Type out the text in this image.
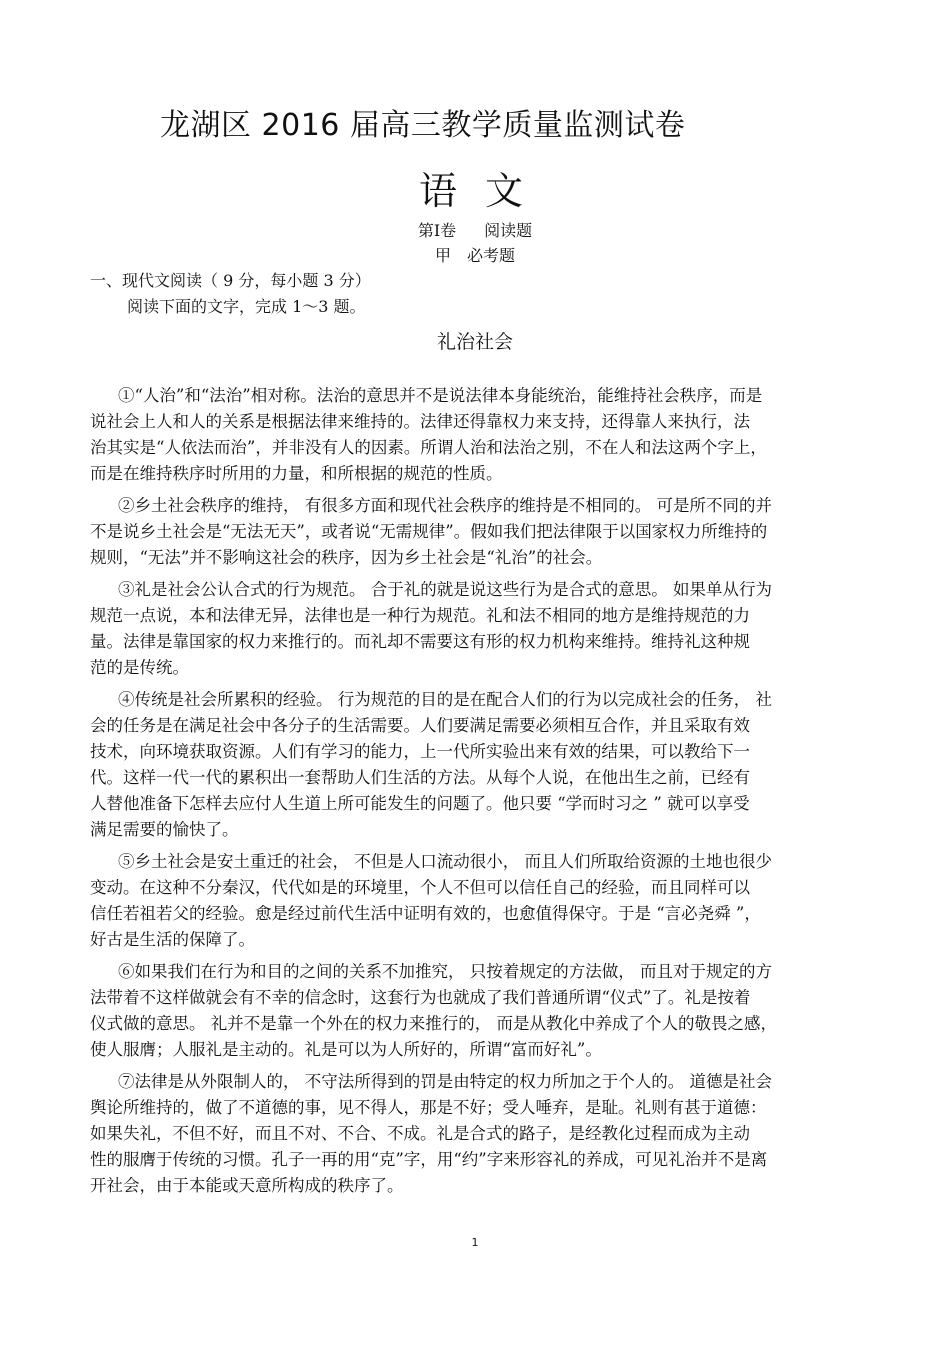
龙湖区 2016 届高三教学质量监测试卷
语 文
第Ⅰ卷 阅读题
甲 必考题
一、现代文阅读（ 9 分，每小题 3 分）
阅读下面的文字，完成 1～3 题。
礼治社会
①“人治”和“法治”相对称。法治的意思并不是说法律本身能统治，能维持社会秩序，而是
说社会上人和人的关系是根据法律来维持的。法律还得靠权力来支持，还得靠人来执行，法
治其实是“人依法而治”，并非没有人的因素。所谓人治和法治之别，不在人和法这两个字上，
而是在维持秩序时所用的力量，和所根据的规范的性质。
②乡土社会秩序的维持， 有很多方面和现代社会秩序的维持是不相同的。 可是所不同的并
不是说乡土社会是“无法无天”，或者说“无需规律”。假如我们把法律限于以国家权力所维持的
规则，“无法”并不影响这社会的秩序，因为乡土社会是“礼治”的社会。
③礼是社会公认合式的行为规范。 合于礼的就是说这些行为是合式的意思。 如果单从行为
规范一点说，本和法律无异，法律也是一种行为规范。礼和法不相同的地方是维持规范的力
量。法律是靠国家的权力来推行的。而礼却不需要这有形的权力机构来维持。维持礼这种规
范的是传统。
④传统是社会所累积的经验。 行为规范的目的是在配合人们的行为以完成社会的任务， 社
会的任务是在满足社会中各分子的生活需要。人们要满足需要必须相互合作，并且采取有效
技术，向环境获取资源。人们有学习的能力，上一代所实验出来有效的结果，可以教给下一
代。这样一代一代的累积出一套帮助人们生活的方法。从每个人说，在他出生之前，已经有
人替他准备下怎样去应付人生道上所可能发生的问题了。他只要 “学而时习之 ” 就可以享受
满足需要的愉快了。
⑤乡土社会是安土重迁的社会， 不但是人口流动很小， 而且人们所取给资源的土地也很少
变动。在这种不分秦汉，代代如是的环境里，个人不但可以信任自己的经验，而且同样可以
信任若祖若父的经验。愈是经过前代生活中证明有效的，也愈值得保守。于是 “言必尧舜 ”，
好古是生活的保障了。
⑥如果我们在行为和目的之间的关系不加推究， 只按着规定的方法做， 而且对于规定的方
法带着不这样做就会有不幸的信念时，这套行为也就成了我们普通所谓“仪式”了。礼是按着
仪式做的意思。 礼并不是靠一个外在的权力来推行的， 而是从教化中养成了个人的敬畏之感，
使人服膺；人服礼是主动的。礼是可以为人所好的，所谓“富而好礼”。
⑦法律是从外限制人的， 不守法所得到的罚是由特定的权力所加之于个人的。 道德是社会
舆论所维持的，做了不道德的事，见不得人，那是不好；受人唾弃，是耻。礼则有甚于道德：
如果失礼，不但不好，而且不对、不合、不成。礼是合式的路子，是经教化过程而成为主动
性的服膺于传统的习惯。孔子一再的用“克”字，用“约”字来形容礼的养成，可见礼治并不是离
开社会，由于本能或天意所构成的秩序了。
1
